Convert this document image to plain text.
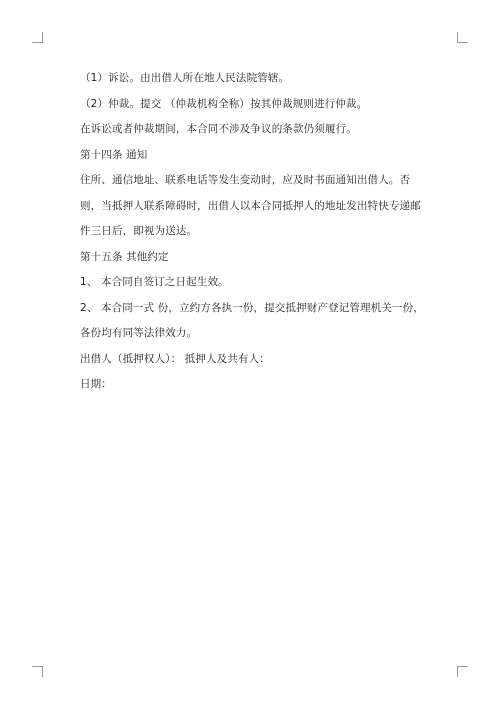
（1）诉讼。由出借人所在地人民法院管辖。

（2）仲裁。提交 （仲裁机构全称）按其仲裁规则进行仲裁。

在诉讼或者仲裁期间，本合同不涉及争议的条款仍须履行。

第十四条 通知

住所、通信地址、联系电话等发生变动时，应及时书面通知出借人。否则，当抵押人联系障碍时，出借人以本合同抵押人的地址发出特快专递邮件三日后，即视为送达。

第十五条 其他约定

1、 本合同自签订之日起生效。

2、 本合同一式 份，立约方各执一份，提交抵押财产登记管理机关一份，各份均有同等法律效力。

出借人（抵押权人）： 抵押人及共有人：

日期：
